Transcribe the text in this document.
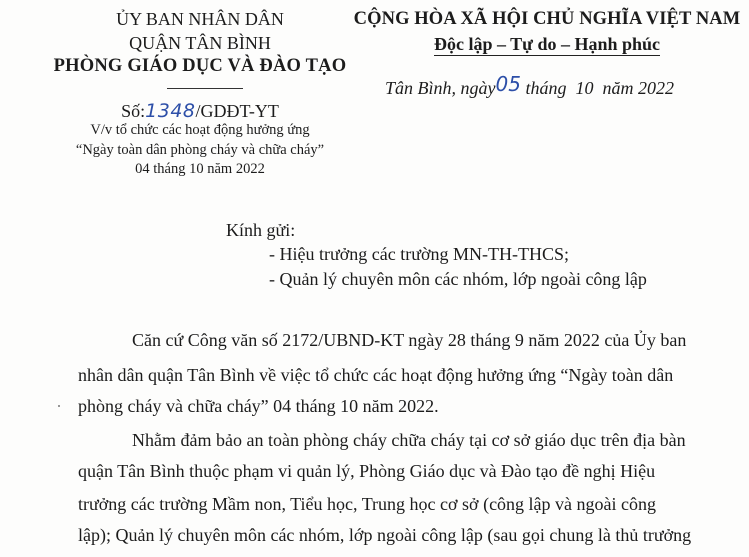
ỦY BAN NHÂN DÂN
QUẬN TÂN BÌNH
PHÒNG GIÁO DỤC VÀ ĐÀO TẠO
Số:1348/GDĐT-YT
V/v tổ chức các hoạt động hưởng ứng
“Ngày toàn dân phòng cháy và chữa cháy”
04 tháng 10 năm 2022
CỘNG HÒA XÃ HỘI CHỦ NGHĨA VIỆT NAM
Độc lập – Tự do – Hạnh phúc
Tân Bình, ngày05 tháng  10  năm 2022
Kính gửi:
- Hiệu trưởng các trường MN-TH-THCS;
- Quản lý chuyên môn các nhóm, lớp ngoài công lập
Căn cứ Công văn số 2172/UBND-KT ngày 28 tháng 9 năm 2022 của Ủy ban
nhân dân quận Tân Bình về việc tổ chức các hoạt động hưởng ứng “Ngày toàn dân
phòng cháy và chữa cháy” 04 tháng 10 năm 2022.
Nhằm đảm bảo an toàn phòng cháy chữa cháy tại cơ sở giáo dục trên địa bàn
quận Tân Bình thuộc phạm vi quản lý, Phòng Giáo dục và Đào tạo đề nghị Hiệu
trưởng các trường Mầm non, Tiểu học, Trung học cơ sở (công lập và ngoài công
lập); Quản lý chuyên môn các nhóm, lớp ngoài công lập (sau gọi chung là thủ trưởng
